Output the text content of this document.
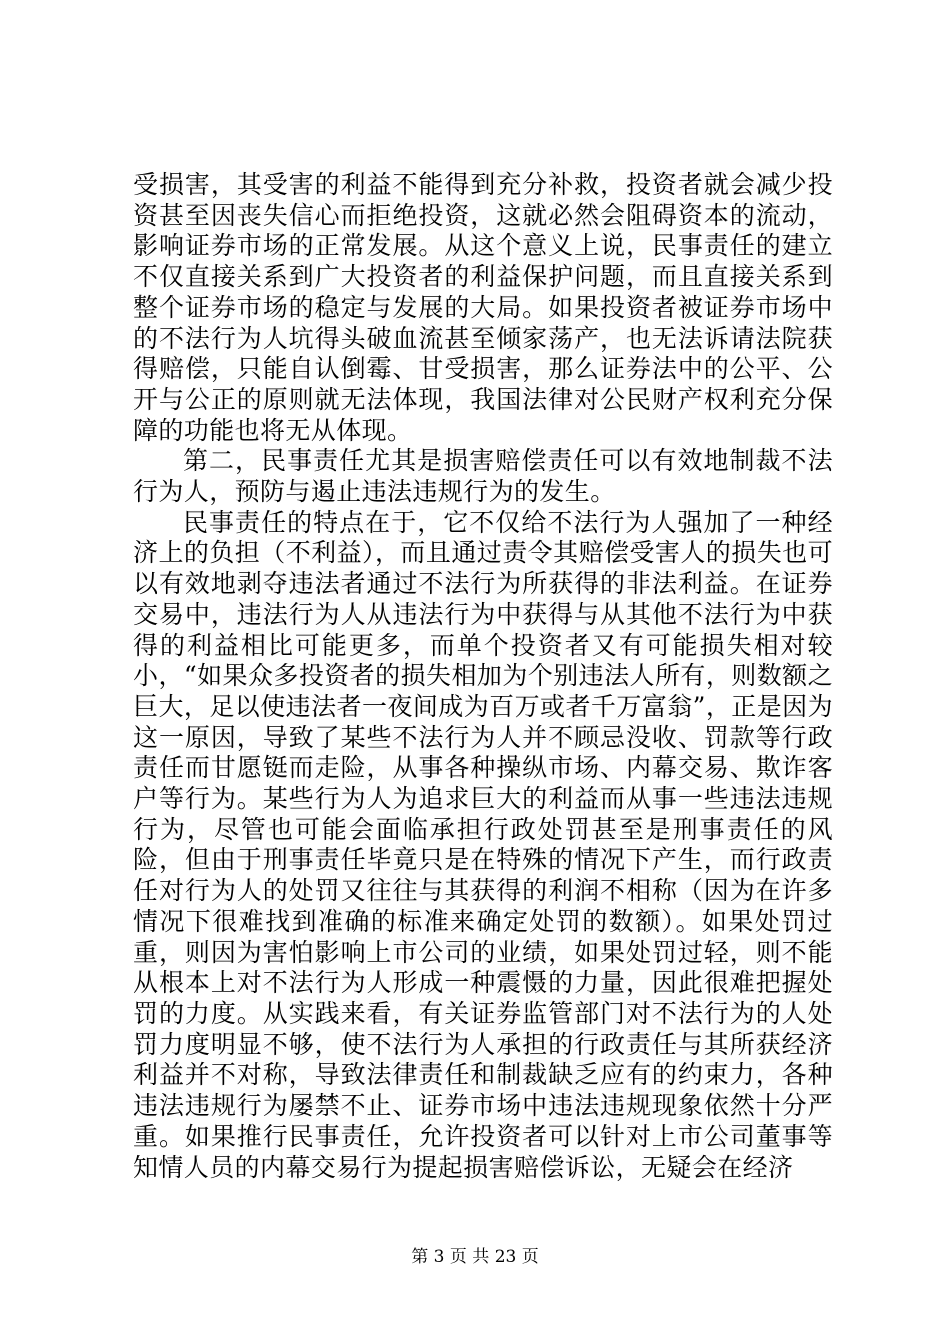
受损害，其受害的利益不能得到充分补救，投资者就会减少投资甚至因丧失信心而拒绝投资，这就必然会阻碍资本的流动，影响证券市场的正常发展。从这个意义上说，民事责任的建立不仅直接关系到广大投资者的利益保护问题，而且直接关系到整个证券市场的稳定与发展的大局。如果投资者被证券市场中的不法行为人坑得头破血流甚至倾家荡产，也无法诉请法院获得赔偿，只能自认倒霉、甘受损害，那么证券法中的公平、公开与公正的原则就无法体现，我国法律对公民财产权利充分保障的功能也将无从体现。

第二，民事责任尤其是损害赔偿责任可以有效地制裁不法行为人，预防与遏止违法违规行为的发生。

民事责任的特点在于，它不仅给不法行为人强加了一种经济上的负担（不利益），而且通过责令其赔偿受害人的损失也可以有效地剥夺违法者通过不法行为所获得的非法利益。在证券交易中，违法行为人从违法行为中获得与从其他不法行为中获得的利益相比可能更多，而单个投资者又有可能损失相对较小，“如果众多投资者的损失相加为个别违法人所有，则数额之巨大，足以使违法者一夜间成为百万或者千万富翁”，正是因为这一原因，导致了某些不法行为人并不顾忌没收、罚款等行政责任而甘愿铤而走险，从事各种操纵市场、内幕交易、欺诈客户等行为。某些行为人为追求巨大的利益而从事一些违法违规行为，尽管也可能会面临承担行政处罚甚至是刑事责任的风险，但由于刑事责任毕竟只是在特殊的情况下产生，而行政责任对行为人的处罚又往往与其获得的利润不相称（因为在许多情况下很难找到准确的标准来确定处罚的数额）。如果处罚过重，则因为害怕影响上市公司的业绩，如果处罚过轻，则不能从根本上对不法行为人形成一种震慑的力量，因此很难把握处罚的力度。从实践来看，有关证券监管部门对不法行为的人处罚力度明显不够，使不法行为人承担的行政责任与其所获经济利益并不对称，导致法律责任和制裁缺乏应有的约束力，各种违法违规行为屡禁不止、证券市场中违法违规现象依然十分严重。如果推行民事责任，允许投资者可以针对上市公司董事等知情人员的内幕交易行为提起损害赔偿诉讼，无疑会在经济

第 3 页 共 23 页
